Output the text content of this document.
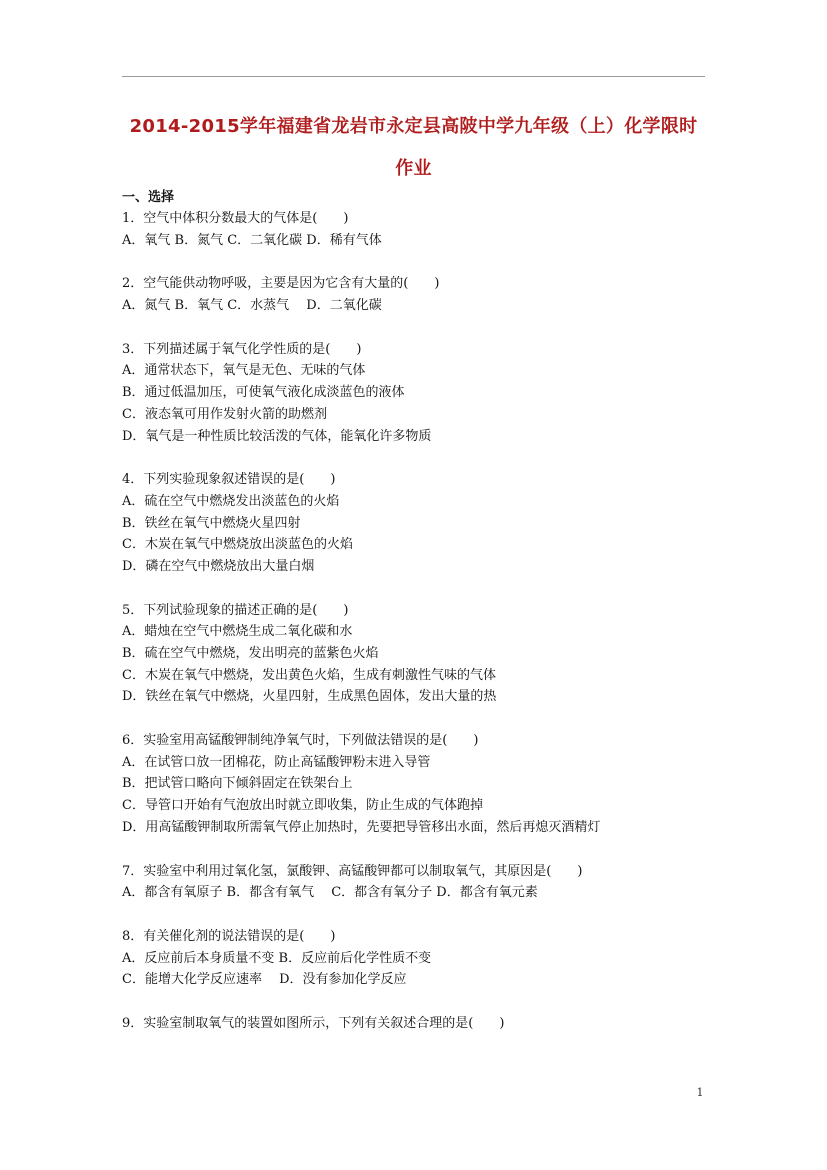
2014-2015学年福建省龙岩市永定县高陂中学九年级（上）化学限时
作业
一、选择
1．空气中体积分数最大的气体是(　　)
A．氧气 B．氮气 C．二氧化碳 D．稀有气体
2．空气能供动物呼吸，主要是因为它含有大量的(　　)
A．氮气 B．氧气 C．水蒸气　 D．二氧化碳
3．下列描述属于氧气化学性质的是(　　)
A．通常状态下，氧气是无色、无味的气体
B．通过低温加压，可使氧气液化成淡蓝色的液体
C．液态氧可用作发射火箭的助燃剂
D．氧气是一种性质比较活泼的气体，能氧化许多物质
4．下列实验现象叙述错误的是(　　)
A．硫在空气中燃烧发出淡蓝色的火焰
B．铁丝在氧气中燃烧火星四射
C．木炭在氧气中燃烧放出淡蓝色的火焰
D．磷在空气中燃烧放出大量白烟
5．下列试验现象的描述正确的是(　　)
A．蜡烛在空气中燃烧生成二氧化碳和水
B．硫在空气中燃烧，发出明亮的蓝紫色火焰
C．木炭在氧气中燃烧，发出黄色火焰，生成有刺激性气味的气体
D．铁丝在氧气中燃烧，火星四射，生成黑色固体，发出大量的热
6．实验室用高锰酸钾制纯净氧气时，下列做法错误的是(　　)
A．在试管口放一团棉花，防止高锰酸钾粉末进入导管
B．把试管口略向下倾斜固定在铁架台上
C．导管口开始有气泡放出时就立即收集，防止生成的气体跑掉
D．用高锰酸钾制取所需氧气停止加热时，先要把导管移出水面，然后再熄灭酒精灯
7．实验室中利用过氧化氢，氯酸钾、高锰酸钾都可以制取氧气，其原因是(　　)
A．都含有氧原子 B．都含有氧气　 C．都含有氧分子 D．都含有氧元素
8．有关催化剂的说法错误的是(　　)
A．反应前后本身质量不变 B．反应前后化学性质不变
C．能增大化学反应速率　 D．没有参加化学反应
9．实验室制取氧气的装置如图所示，下列有关叙述合理的是(　　)
1
